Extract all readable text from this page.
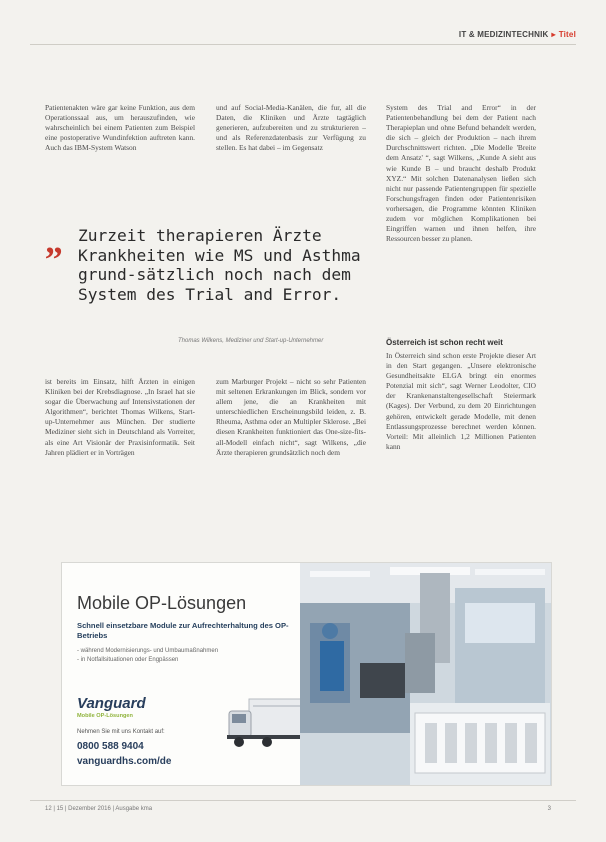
IT & MEDIZINTECHNIK ▸ Titel

Patientenakten wäre gar keine Funktion, aus dem Operationssaal aus, um herauszufinden, wie wahrscheinlich bei einem Patienten zum Beispiel eine postoperative Wundinfektion auftreten kann. Auch das IBM-System Watson

und auf Social-Media-Kanälen, die fur, all die Daten, die Kliniken und Ärzte tagtäglich generieren, aufzubereiten und zu strukturieren – und als Referenzdatenbasis zur Verfügung zu stellen. Es hat dabei – im Gegensatz

System des Trial and Error“ in der Patientenbehandlung bei dem der Patient nach Therapieplan und ohne Befund behandelt werden, die sich – gleich der Produktion – nach ihrem Durchschnittswert richten. „Die Modelle 'Breite dem Ansatz' “, sagt Wilkens, „Kunde A sieht aus wie Kunde B – und braucht deshalb Produkt XYZ.“ Mit solchen Datenanalysen ließen sich nicht nur passende Patientengruppen für spezielle Forschungsfragen finden oder Patientenrisiken vorhersagen, die Programme könnten Kliniken zudem vor möglichen Komplikationen bei Eingriffen warnen und ihnen helfen, ihre Ressourcen besser zu planen.

„ Zurzeit therapieren Ärzte Krankheiten wie MS und Asthma grund-sätzlich noch nach dem System des Trial and Error.
Thomas Wilkens, Mediziner und Start-up-Unternehmer	Österreich ist schon recht weit

ist bereits im Einsatz, hilft Ärzten in einigen Kliniken bei der Krebsdiagnose. „In Israel hat sie sogar die Überwachung auf Intensivstationen der Algorithmen“, berichtet Thomas Wilkens, Start-up-Unternehmer aus München. Der studierte Mediziner sieht sich in Deutschland als Vorreiter, als eine Art Visionär der Praxisinformatik. Seit Jahren plädiert er in Vorträgen

zum Marburger Projekt – nicht so sehr Patienten mit seltenen Erkrankungen im Blick, sondern vor allem jene, die an Krankheiten mit unterschiedlichen Erscheinungsbild leiden, z. B. Rheuma, Asthma oder an Multipler Sklerose. „Bei diesen Krankheiten funktioniert das One-size-fits-all-Modell einfach nicht“, sagt Wilkens, „die Ärzte therapieren grundsätzlich noch dem

In Österreich sind schon erste Projekte dieser Art in den Start gegangen. „Unsere elektronische Gesundheitsakte ELGA bringt ein enormes Potenzial mit sich“, sagt Werner Leodolter, CIO der Krankenanstaltengesellschaft Steiermark (Kages). Der Verbund, zu dem 20 Einrichtungen gehören, entwickelt gerade Modelle, mit denen Entlassungsprozesse berechnet werden können. Vorteil: Mit alleinlich 1,2 Millionen Patienten kann

Mobile OP-Lösungen
Schnell einsetzbare Module zur Aufrechterhaltung des OP-Betriebs
- während Modernisierungs- und Umbaumaßnahmen
- in Notfallsituationen oder Engpässen
Vanguard
Mobile OP-Lösungen
Nehmen Sie mit uns Kontakt auf:
0800 588 9404
vanguardhs.com/de
12 | 15 | Dezember 2016 | Ausgabe kma	3
